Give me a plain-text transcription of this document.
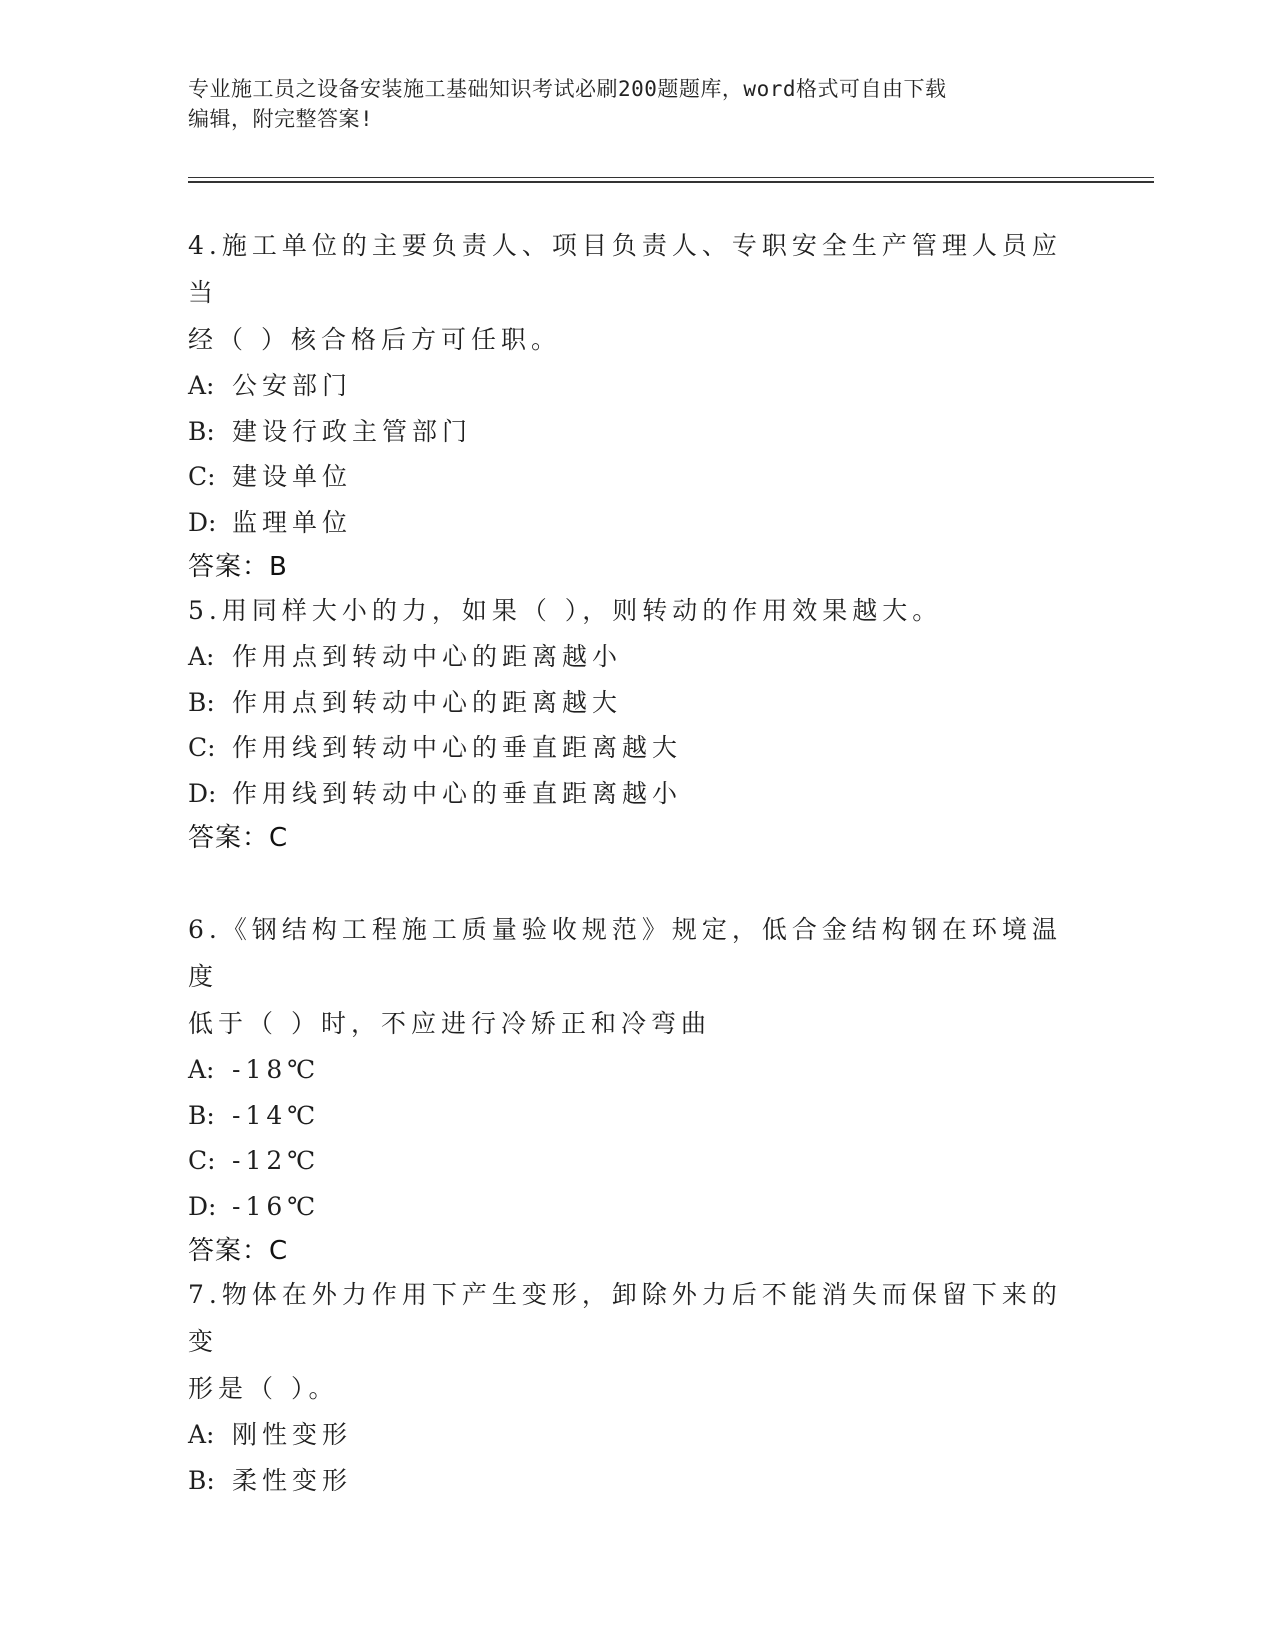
专业施工员之设备安装施工基础知识考试必刷200题题库，word格式可自由下载
编辑，附完整答案!

4.施工单位的主要负责人、项目负责人、专职安全生产管理人员应当

经（ ）核合格后方可任职。

A: 公安部门

B: 建设行政主管部门

C: 建设单位

D: 监理单位

答案：B

5.用同样大小的力，如果（ ），则转动的作用效果越大。

A: 作用点到转动中心的距离越小

B: 作用点到转动中心的距离越大

C: 作用线到转动中心的垂直距离越大

D: 作用线到转动中心的垂直距离越小

答案：C

6.《钢结构工程施工质量验收规范》规定，低合金结构钢在环境温度

低于（ ）时，不应进行冷矫正和冷弯曲

A: -18℃

B: -14℃

C: -12℃

D: -16℃

答案：C

7.物体在外力作用下产生变形，卸除外力后不能消失而保留下来的变

形是（ ）。

A: 刚性变形

B: 柔性变形
